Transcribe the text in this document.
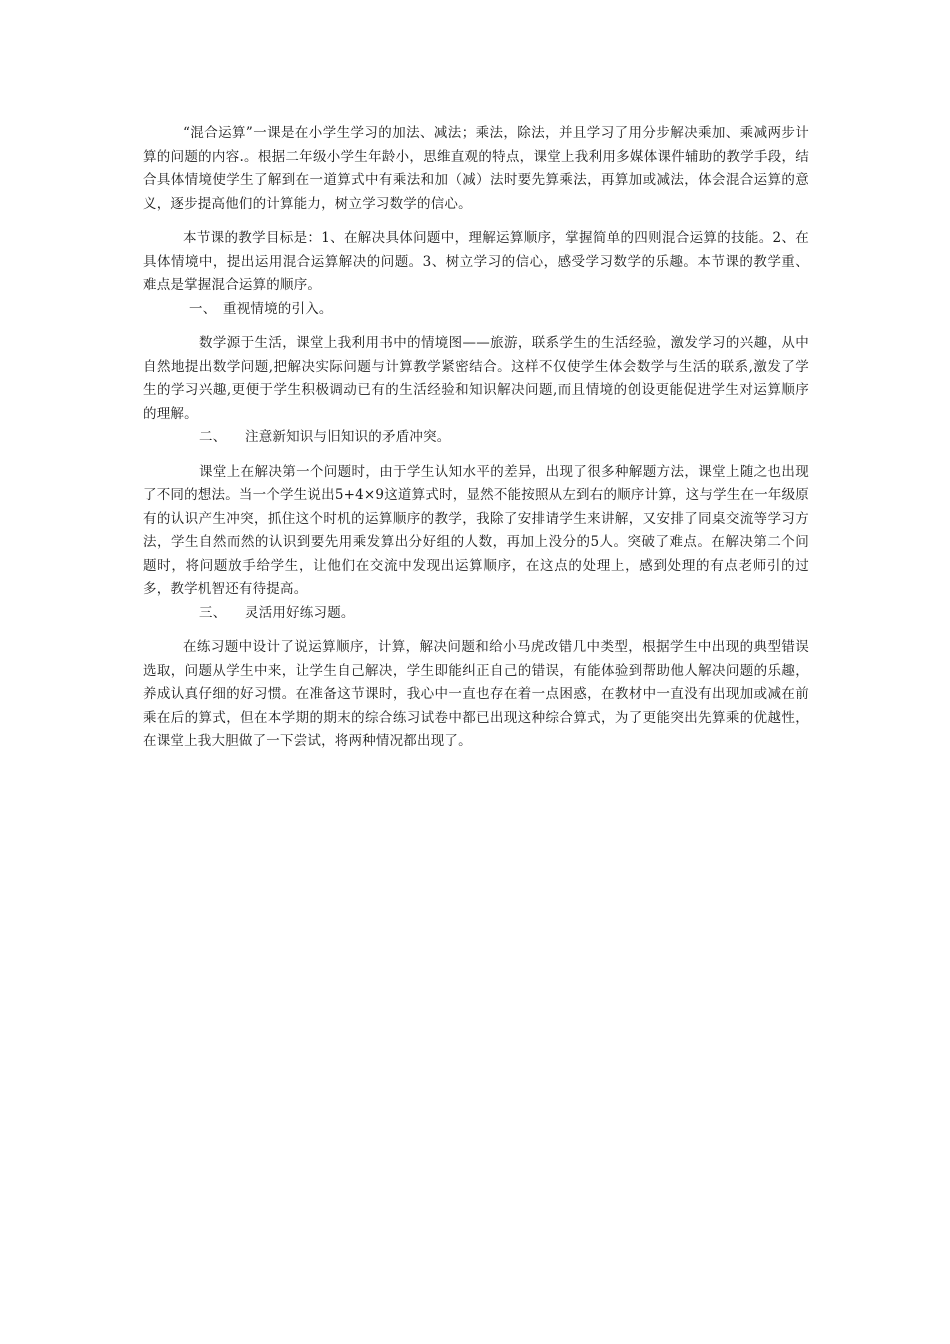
“混合运算”一课是在小学生学习的加法、减法；乘法，除法，并且学习了用分步解决乘加、乘减两步计算的问题的内容.。根据二年级小学生年龄小，思维直观的特点，课堂上我利用多媒体课件辅助的教学手段，结合具体情境使学生了解到在一道算式中有乘法和加（减）法时要先算乘法，再算加或减法，体会混合运算的意义，逐步提高他们的计算能力，树立学习数学的信心。

本节课的教学目标是：1、在解决具体问题中，理解运算顺序，掌握简单的四则混合运算的技能。2、在具体情境中，提出运用混合运算解决的问题。3、树立学习的信心，感受学习数学的乐趣。本节课的教学重、难点是掌握混合运算的顺序。

一、 重视情境的引入。

数学源于生活，课堂上我利用书中的情境图——旅游，联系学生的生活经验，激发学习的兴趣，从中自然地提出数学问题,把解决实际问题与计算教学紧密结合。这样不仅使学生体会数学与生活的联系,激发了学生的学习兴趣,更便于学生积极调动已有的生活经验和知识解决问题,而且情境的创设更能促进学生对运算顺序的理解。

二、 注意新知识与旧知识的矛盾冲突。

课堂上在解决第一个问题时，由于学生认知水平的差异，出现了很多种解题方法，课堂上随之也出现了不同的想法。当一个学生说出5+4×9这道算式时，显然不能按照从左到右的顺序计算，这与学生在一年级原有的认识产生冲突，抓住这个时机的运算顺序的教学，我除了安排请学生来讲解，又安排了同桌交流等学习方法，学生自然而然的认识到要先用乘发算出分好组的人数，再加上没分的5人。突破了难点。在解决第二个问题时，将问题放手给学生，让他们在交流中发现出运算顺序，在这点的处理上，感到处理的有点老师引的过多，教学机智还有待提高。

三、 灵活用好练习题。

在练习题中设计了说运算顺序，计算，解决问题和给小马虎改错几中类型，根据学生中出现的典型错误选取，问题从学生中来，让学生自己解决，学生即能纠正自己的错误，有能体验到帮助他人解决问题的乐趣，养成认真仔细的好习惯。在准备这节课时，我心中一直也存在着一点困惑，在教材中一直没有出现加或减在前乘在后的算式，但在本学期的期末的综合练习试卷中都已出现这种综合算式，为了更能突出先算乘的优越性，在课堂上我大胆做了一下尝试，将两种情况都出现了。
